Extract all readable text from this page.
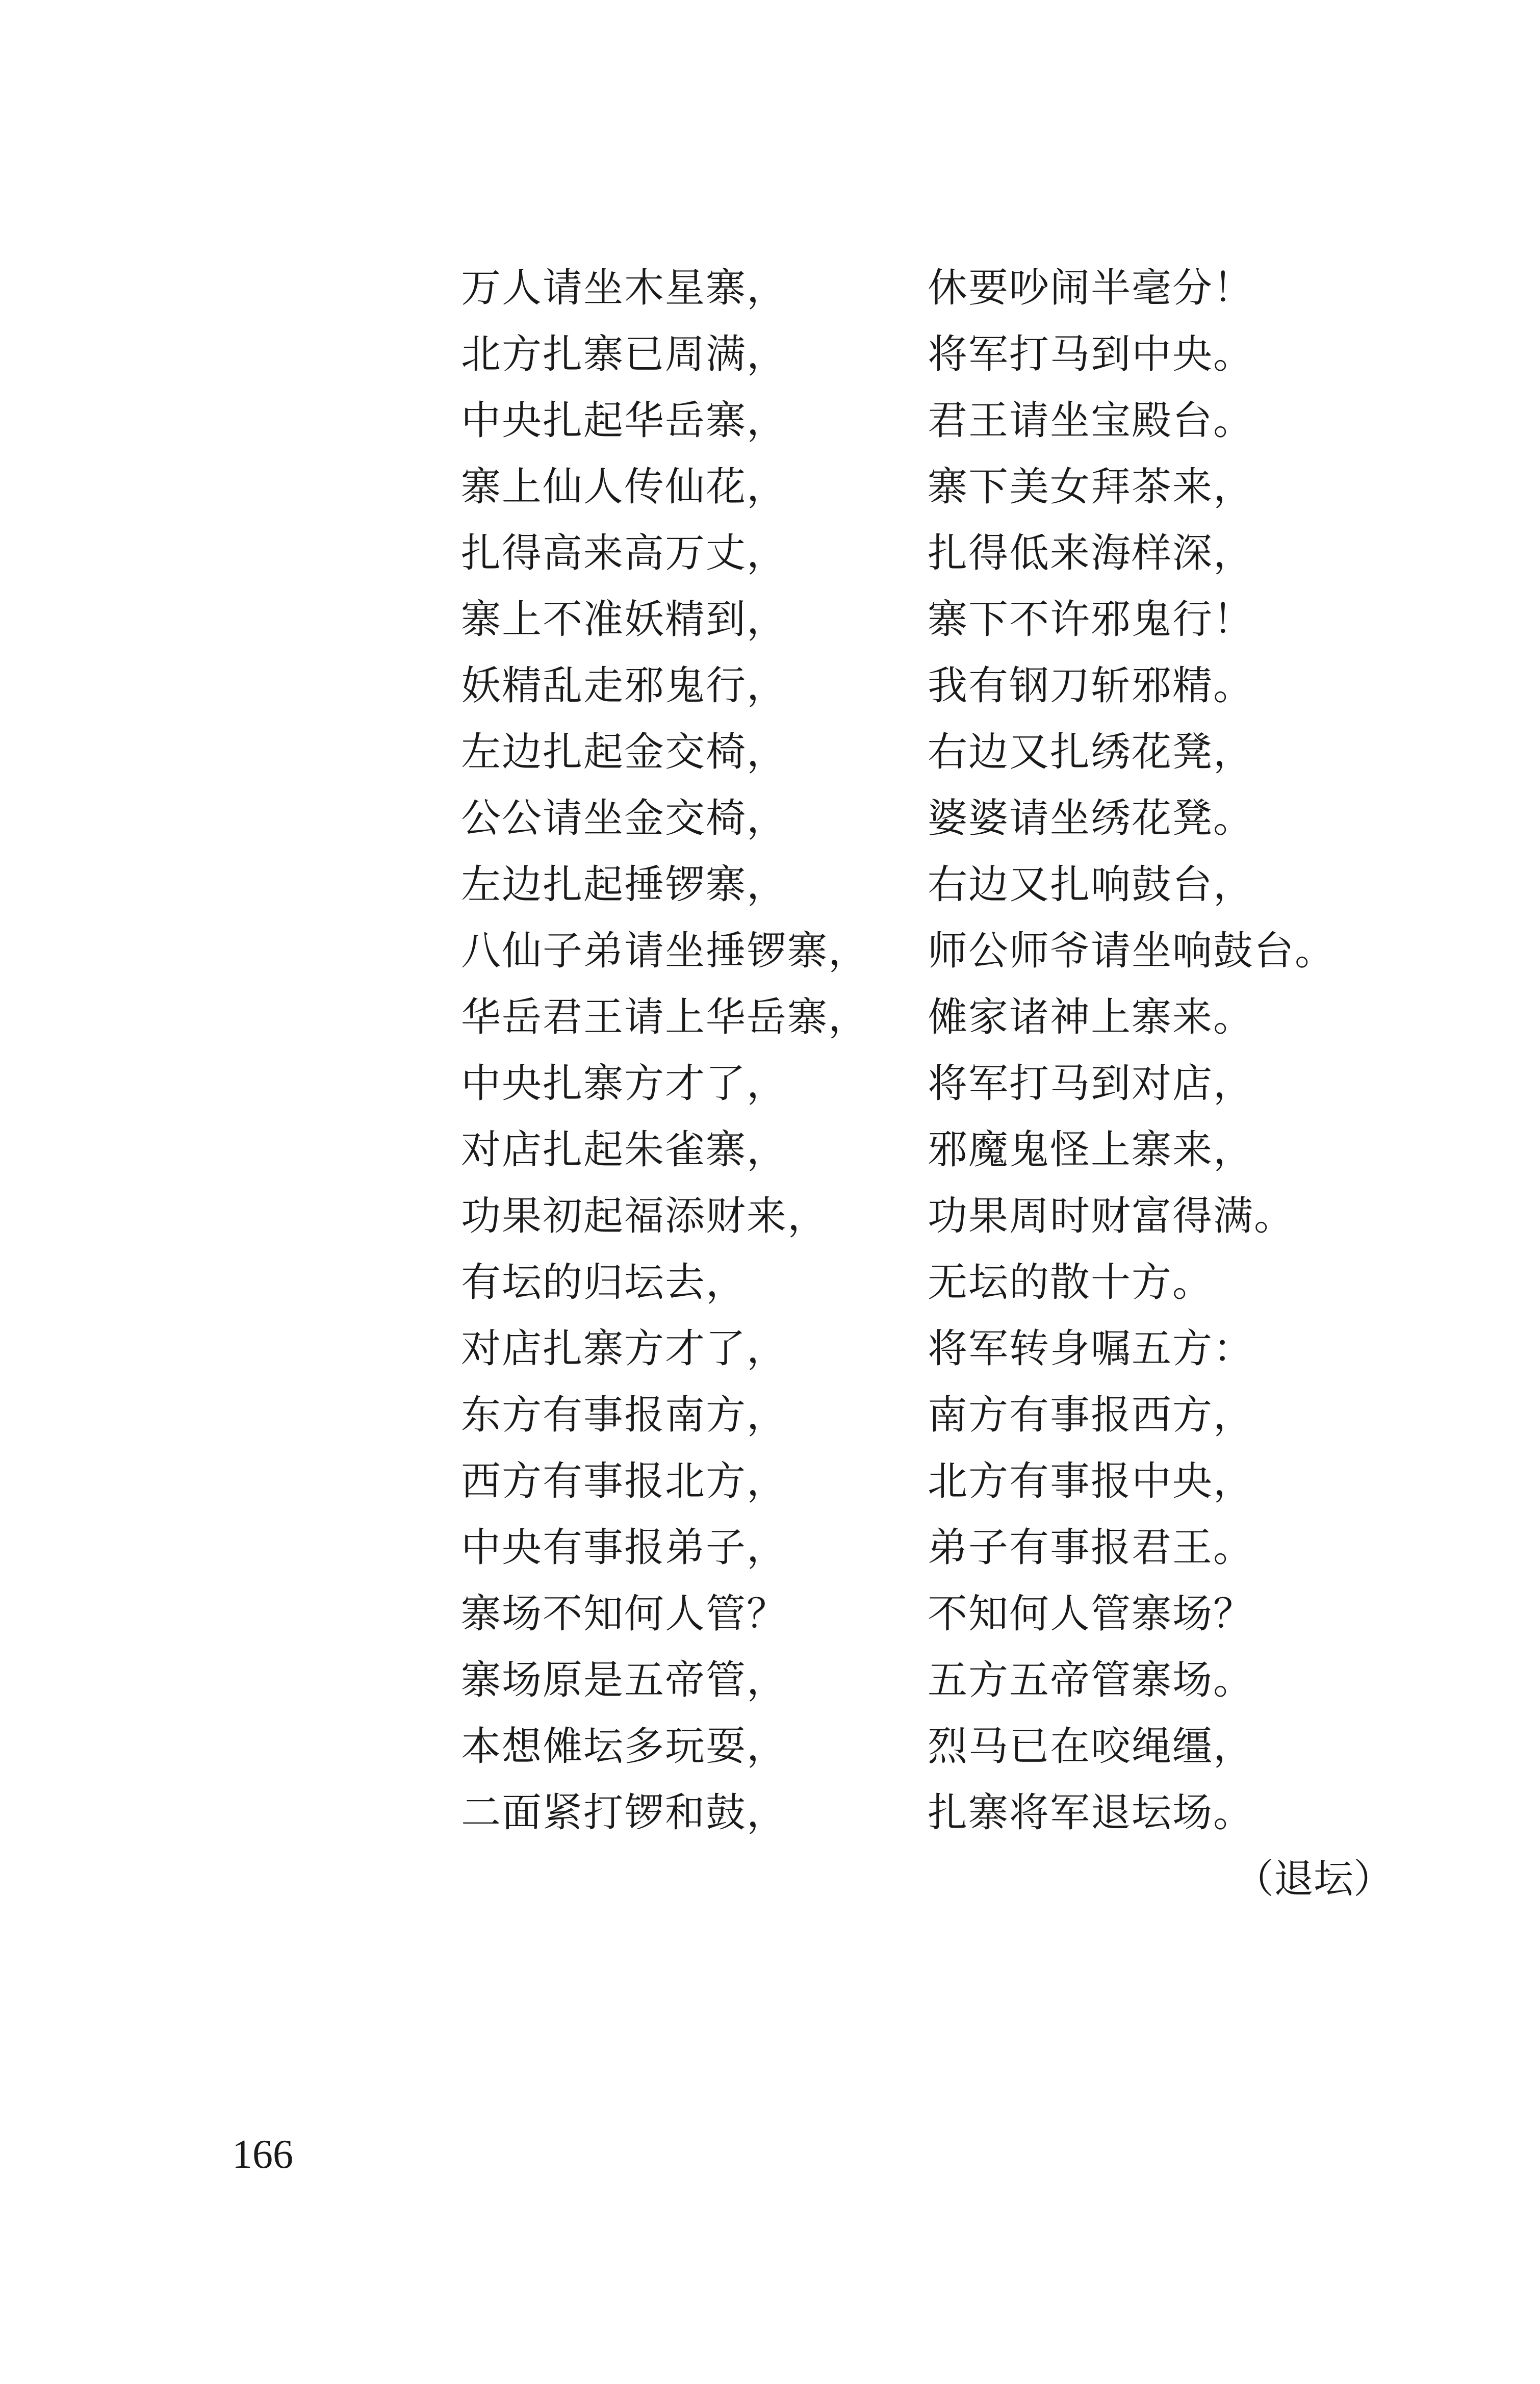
万人请坐木星寨，	休要吵闹半毫分！
北方扎寨已周满，	将军打马到中央。
中央扎起华岳寨，	君王请坐宝殿台。
寨上仙人传仙花，	寨下美女拜茶来，
扎得高来高万丈，	扎得低来海样深，
寨上不准妖精到，	寨下不许邪鬼行！
妖精乱走邪鬼行，	我有钢刀斩邪精。
左边扎起金交椅，	右边又扎绣花凳，
公公请坐金交椅，	婆婆请坐绣花凳。
左边扎起捶锣寨，	右边又扎响鼓台，
八仙子弟请坐捶锣寨，	师公师爷请坐响鼓台。
华岳君王请上华岳寨，	傩家诸神上寨来。
中央扎寨方才了，	将军打马到对店，
对店扎起朱雀寨，	邪魔鬼怪上寨来，
功果初起福添财来，	功果周时财富得满。
有坛的归坛去，	无坛的散十方。
对店扎寨方才了，	将军转身嘱五方：
东方有事报南方，	南方有事报西方，
西方有事报北方，	北方有事报中央，
中央有事报弟子，	弟子有事报君王。
寨场不知何人管？	不知何人管寨场？
寨场原是五帝管，	五方五帝管寨场。
本想傩坛多玩耍，	烈马已在咬绳缰，
二面紧打锣和鼓，	扎寨将军退坛场。
（退坛）
166
